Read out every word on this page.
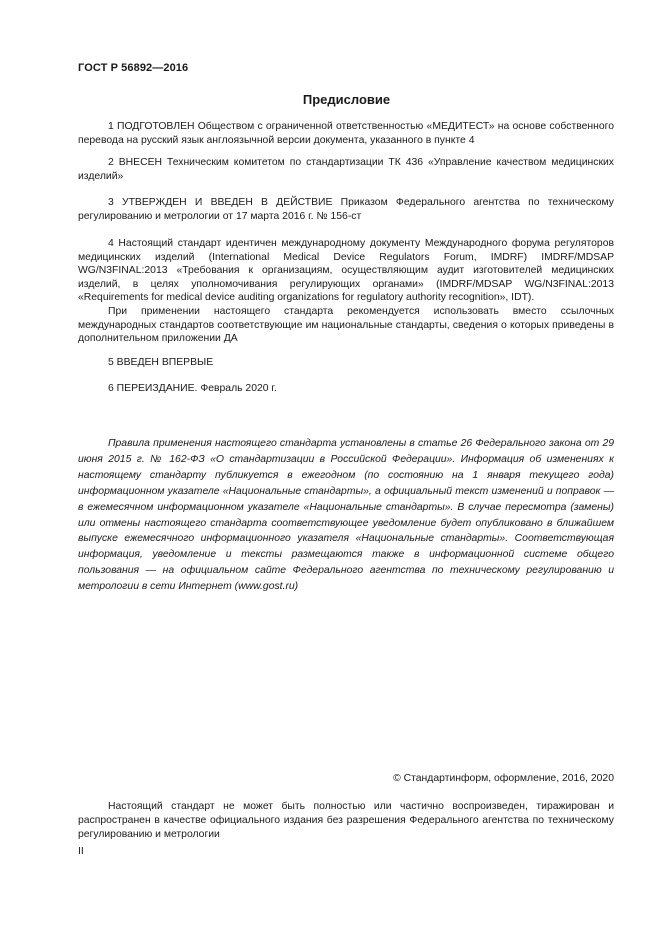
ГОСТ Р 56892—2016
Предисловие

1 ПОДГОТОВЛЕН Обществом с ограниченной ответственностью «МЕДИТЕСТ» на основе собственного перевода на русский язык англоязычной версии документа, указанного в пункте 4

2 ВНЕСЕН Техническим комитетом по стандартизации ТК 436 «Управление качеством медицинских изделий»

3 УТВЕРЖДЕН И ВВЕДЕН В ДЕЙСТВИЕ Приказом Федерального агентства по техническому регулированию и метрологии от 17 марта 2016 г. № 156-ст

4 Настоящий стандарт идентичен международному документу Международного форума регуляторов медицинских изделий (International Medical Device Regulators Forum, IMDRF) IMDRF/MDSAP WG/N3FINAL:2013 «Требования к организациям, осуществляющим аудит изготовителей медицинских изделий, в целях уполномочивания регулирующих органами» (IMDRF/MDSAP WG/N3FINAL:2013 «Requirements for medical device auditing organizations for regulatory authority recognition», IDT).

При применении настоящего стандарта рекомендуется использовать вместо ссылочных международных стандартов соответствующие им национальные стандарты, сведения о которых приведены в дополнительном приложении ДА

5 ВВЕДЕН ВПЕРВЫЕ

6 ПЕРЕИЗДАНИЕ. Февраль 2020 г.

Правила применения настоящего стандарта установлены в статье 26 Федерального закона от 29 июня 2015 г. № 162-ФЗ «О стандартизации в Российской Федерации». Информация об изменениях к настоящему стандарту публикуется в ежегодном (по состоянию на 1 января текущего года) информационном указателе «Национальные стандарты», а официальный текст изменений и поправок — в ежемесячном информационном указателе «Национальные стандарты». В случае пересмотра (замены) или отмены настоящего стандарта соответствующее уведомление будет опубликовано в ближайшем выпуске ежемесячного информационного указателя «Национальные стандарты». Соответствующая информация, уведомление и тексты размещаются также в информационной системе общего пользования — на официальном сайте Федерального агентства по техническому регулированию и метрологии в сети Интернет (www.gost.ru)

© Стандартинформ, оформление, 2016, 2020

Настоящий стандарт не может быть полностью или частично воспроизведен, тиражирован и распространен в качестве официального издания без разрешения Федерального агентства по техническому регулированию и метрологии

II
